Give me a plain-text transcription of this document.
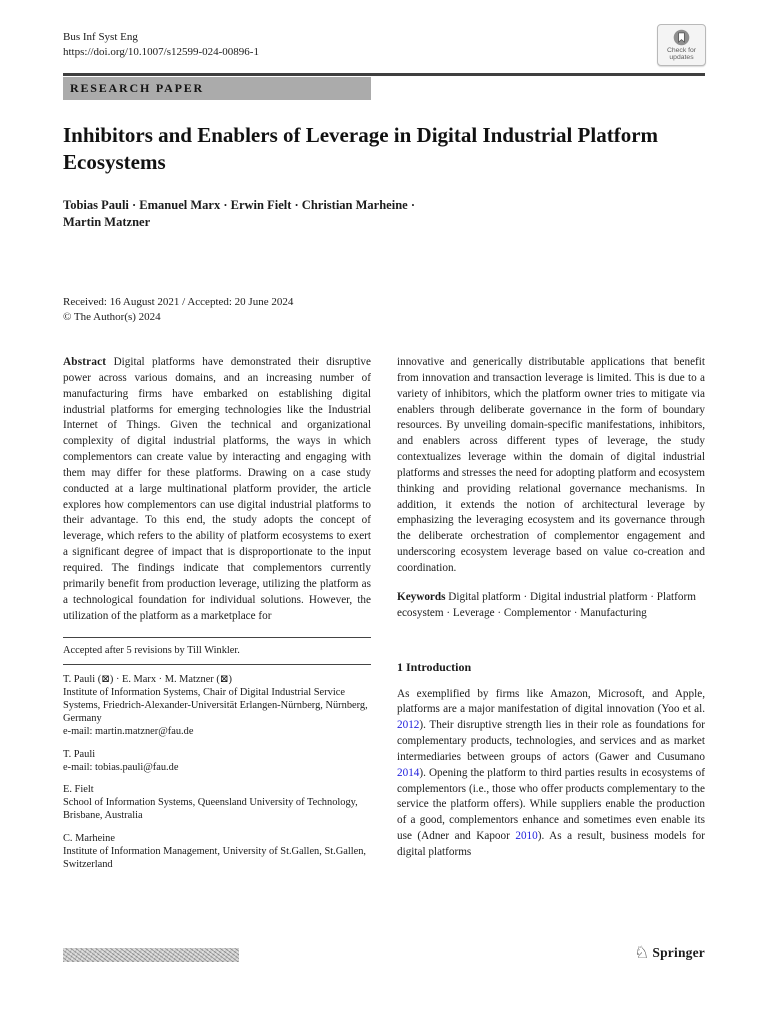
Bus Inf Syst Eng
https://doi.org/10.1007/s12599-024-00896-1	Check for
updates
RESEARCH PAPER
Inhibitors and Enablers of Leverage in Digital Industrial Platform Ecosystems
Tobias Pauli · Emanuel Marx · Erwin Fielt · Christian Marheine ·
Martin Matzner
Received: 16 August 2021 / Accepted: 20 June 2024
© The Author(s) 2024

Abstract Digital platforms have demonstrated their disruptive power across various domains, and an increasing number of manufacturing firms have embarked on establishing digital industrial platforms for emerging technologies like the Industrial Internet of Things. Given the technical and organizational complexity of digital industrial platforms, the ways in which complementors can create value by interacting and engaging with them may differ for these platforms. Drawing on a case study conducted at a large multinational platform provider, the article explores how complementors can use digital industrial platforms to their advantage. To this end, the study adopts the concept of leverage, which refers to the ability of platform ecosystems to exert a significant degree of impact that is disproportionate to the input required. The findings indicate that complementors currently primarily benefit from production leverage, utilizing the platform as a technological foundation for individual solutions. However, the utilization of the platform as a marketplace for

Accepted after 5 revisions by Till Winkler.
T. Pauli (⊠) · E. Marx · M. Matzner (⊠)
Institute of Information Systems, Chair of Digital Industrial Service Systems, Friedrich-Alexander-Universität Erlangen-Nürnberg, Nürnberg, Germany
e-mail: martin.matzner@fau.de
T. Pauli
e-mail: tobias.pauli@fau.de
E. Fielt
School of Information Systems, Queensland University of Technology, Brisbane, Australia
C. Marheine
Institute of Information Management, University of St.Gallen, St.Gallen, Switzerland

innovative and generically distributable applications that benefit from innovation and transaction leverage is limited. This is due to a variety of inhibitors, which the platform owner tries to mitigate via enablers through deliberate governance in the form of boundary resources. By unveiling domain-specific manifestations, inhibitors, and enablers across different types of leverage, the study contextualizes leverage within the domain of digital industrial platforms and stresses the need for adopting platform and ecosystem thinking and providing relational governance mechanisms. In addition, it extends the notion of architectural leverage by emphasizing the leveraging ecosystem and its governance through the deliberate orchestration of complementor engagement and underscoring ecosystem leverage based on value co-creation and coordination.

Keywords Digital platform · Digital industrial platform · Platform ecosystem · Leverage · Complementor · Manufacturing

1 Introduction

As exemplified by firms like Amazon, Microsoft, and Apple, platforms are a major manifestation of digital innovation (Yoo et al. 2012). Their disruptive strength lies in their role as foundations for complementary products, technologies, and services and as market intermediaries between groups of actors (Gawer and Cusumano 2014). Opening the platform to third parties results in ecosystems of complementors (i.e., those who offer products complementary to the service the platform offers). While suppliers enable the production of a good, complementors enhance and sometimes even enable its use (Adner and Kapoor 2010). As a result, business models for digital platforms

♘ Springer
